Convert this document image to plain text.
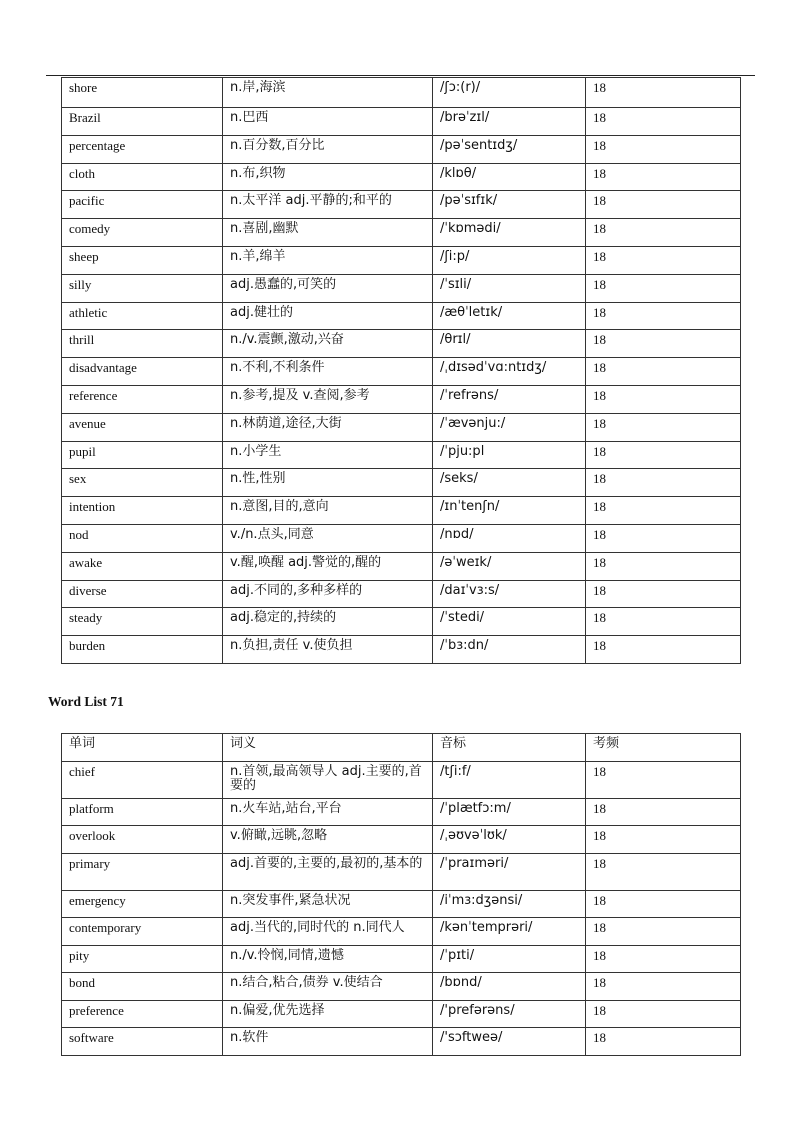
shore	n.岸,海滨	/ʃɔ:(r)/	18
Brazil	n.巴西	/brəˈzɪl/	18
percentage	n.百分数,百分比	/pəˈsentɪdʒ/	18
cloth	n.布,织物	/klɒθ/	18
pacific	n.太平洋 adj.平静的;和平的	/pəˈsɪfɪk/	18
comedy	n.喜剧,幽默	/ˈkɒmədi/	18
sheep	n.羊,绵羊	/ʃi:p/	18
silly	adj.愚蠢的,可笑的	/ˈsɪli/	18
athletic	adj.健壮的	/æθˈletɪk/	18
thrill	n./v.震颤,激动,兴奋	/θrɪl/	18
disadvantage	n.不利,不利条件	/ˌdɪsədˈvɑ:ntɪdʒ/	18
reference	n.参考,提及 v.查阅,参考	/ˈrefrəns/	18
avenue	n.林荫道,途径,大街	/ˈævənju:/	18
pupil	n.小学生	/ˈpju:pl	18
sex	n.性,性别	/seks/	18
intention	n.意图,目的,意向	/ɪnˈtenʃn/	18
nod	v./n.点头,同意	/nɒd/	18
awake	v.醒,唤醒 adj.警觉的,醒的	/əˈweɪk/	18
diverse	adj.不同的,多种多样的	/daɪˈvɜ:s/	18
steady	adj.稳定的,持续的	/ˈstedi/	18
burden	n.负担,责任 v.使负担	/ˈbɜ:dn/	18
Word List 71
单词	词义	音标	考频
chief	n.首领,最高领导人 adj.主要的,首要的	/tʃi:f/	18
platform	n.火车站,站台,平台	/ˈplætfɔ:m/	18
overlook	v.俯瞰,远眺,忽略	/ˌəʊvəˈlʊk/	18
primary	adj.首要的,主要的,最初的,基本的	/ˈpraɪməri/	18
emergency	n.突发事件,紧急状况	/iˈmɜ:dʒənsi/	18
contemporary	adj.当代的,同时代的 n.同代人	/kənˈtemprəri/	18
pity	n./v.怜悯,同情,遗憾	/ˈpɪti/	18
bond	n.结合,粘合,债券 v.使结合	/bɒnd/	18
preference	n.偏爱,优先选择	/'prefərəns/	18
software	n.软件	/'sɔftweə/	18
